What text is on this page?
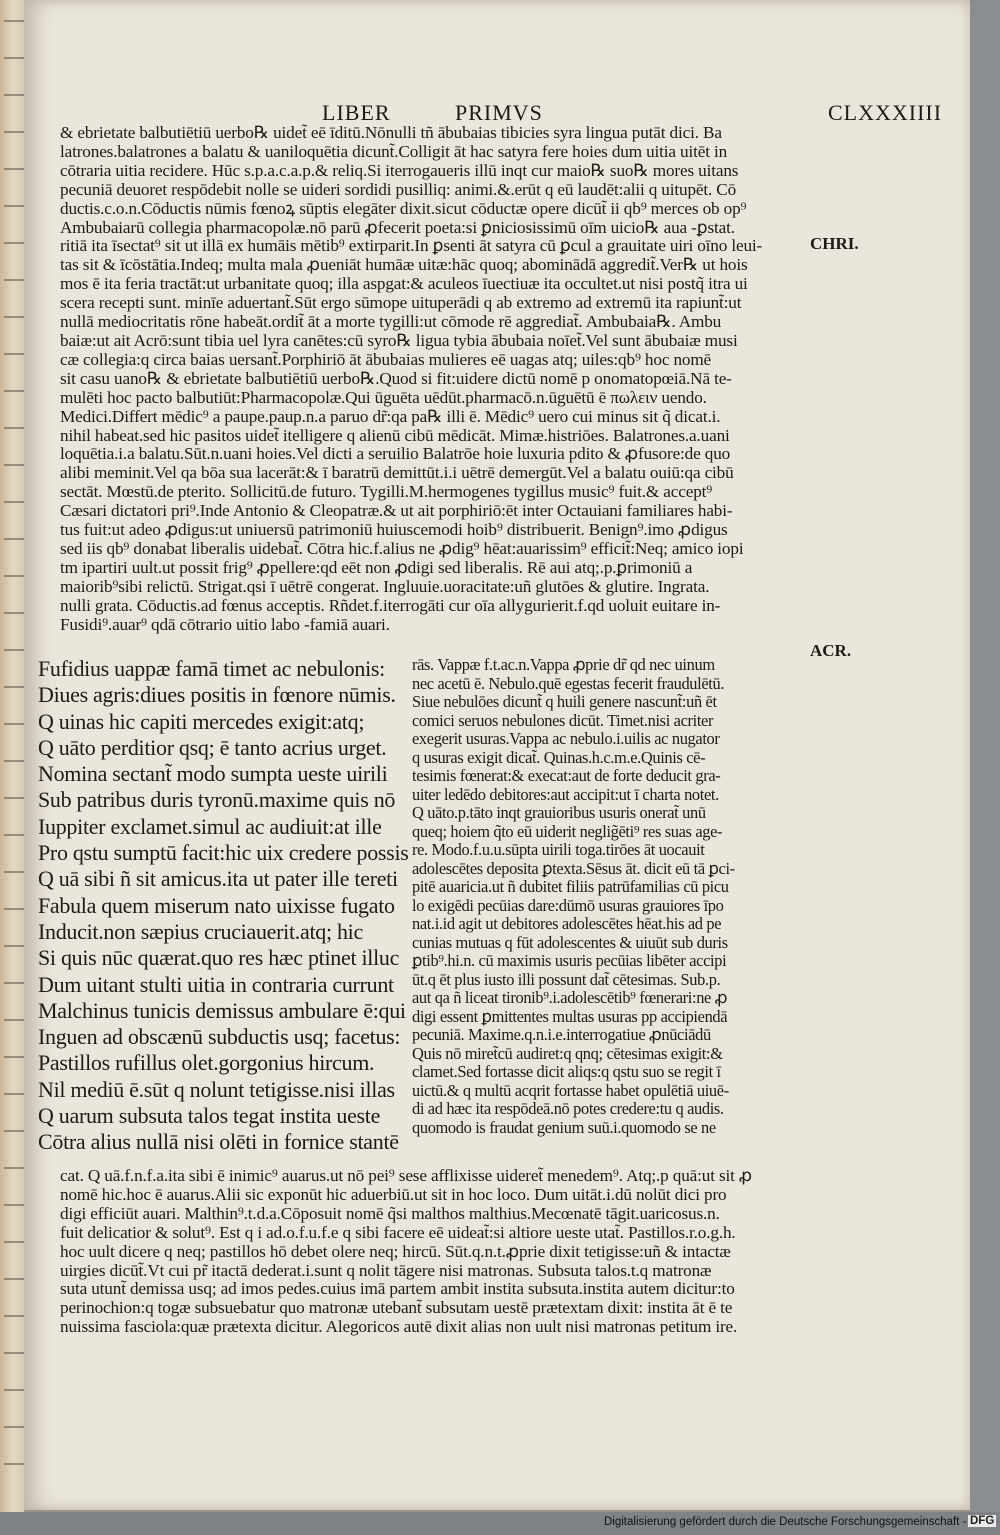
LIBER	PRIMVS	CLXXXIIII
CHRI.
ACR.
& ebrietate balbutiētiū uerbo℞ uidet̃ eē īditū.Nōnulli tñ ābubaias tibicies syra lingua putāt dici. Ba
latrones.balatrones a balatu & uaniloquētia dicunt̃.Colligit āt hac satyra fere hoies dum uitia uitēt in
cōtraria uitia recidere. Hūc s.p.a.c.a.p.& reliq.Si iterrogaueris illū inqt cur maio℞ suo℞ mores uitans
pecuniā deuoret respōdebit nolle se uideri sordidi pusilliq: animi.&.erūt q eū laudēt:alii q uitupēt. Cō
ductis.c.o.n.Cōductis nūmis fœnoꝝ sūptis elegāter dixit.sicut cōductæ opere dicūt̃ ii qb⁹ merces ob op⁹
Ambubaiarū collegia pharmacopolæ.nō parū ꝓfecerit poeta:si ꝑniciosissimū oīm uicio℞ aua -ꝑstat.
ritiā ita īsectat⁹ sit ut illā ex humāis mētib⁹ extirparit.In ꝑsenti āt satyra cū ꝑcul a grauitate uiri oīno leui-
tas sit & īcōstātia.Indeq; multa mala ꝓueniāt humāæ uitæ:hāc quoq; abominādā aggredit̃.Ver℞ ut hois
mos ē ita feria tractāt:ut urbanitate quoq; illa aspgat:& aculeos īuectiuæ ita occultet.ut nisi postq̃ itra ui
scera recepti sunt. minīe aduertant̃.Sūt ergo sūmope uituperādi q ab extremo ad extremū ita rapiunt̃:ut
nullā mediocritatis rōne habeāt.ordit̃ āt a morte tygilli:ut cōmode rē aggrediat̃. Ambubaia℞. Ambu
baiæ:ut ait Acrō:sunt tibia uel lyra canētes:cū syro℞ ligua tybia ābubaia noīet̃.Vel sunt ābubaiæ musi
cæ collegia:q circa baias uersant̃.Porphiriō āt ābubaias mulieres eē uagas atq; uiles:qb⁹ hoc nomē
sit casu uano℞ & ebrietate balbutiētiū uerbo℞.Quod si fit:uidere dictū nomē p onomatopœiā.Nā te-
mulēti hoc pacto balbutiūt:Pharmacopolæ.Qui ūguēta uēdūt.pharmacō.n.ūguētū ē πωλειν uendo.
Medici.Differt mēdic⁹ a paupe.paup.n.a paruo dr̃:qa pa℞ illi ē. Mēdic⁹ uero cui minus sit q̃ dicat.i.
nihil habeat.sed hic pasitos uidet̃ itelligere q alienū cibū mēdicāt. Mimæ.histriōes. Balatrones.a.uani
loquētia.i.a balatu.Sūt.n.uani hoies.Vel dicti a seruilio Balatrōe hoie luxuria pdito & ꝓfusore:de quo
alibi meminit.Vel qa bōa sua lacerāt:& ī baratrū demittūt.i.i uētrē demergūt.Vel a balatu ouiū:qa cibū
sectāt. Mœstū.de pterito. Sollicitū.de futuro. Tygilli.M.hermogenes tygillus music⁹ fuit.& accept⁹
Cæsari dictatori pri⁹.Inde Antonio & Cleopatræ.& ut ait porphiriō:ēt inter Octauiani familiares habi-
tus fuit:ut adeo ꝓdigus:ut uniuersū patrimoniū huiuscemodi hoib⁹ distribuerit. Benign⁹.imo ꝓdigus
sed iis qb⁹ donabat liberalis uidebat̃. Cōtra hic.f.alius ne ꝓdig⁹ hēat:auarissim⁹ efficit̃:Neq; amico iopi
tm ipartiri uult.ut possit frig⁹ ꝓpellere:qd eēt non ꝓdigi sed liberalis. Rē aui atq;.p.ꝑrimoniū a
maiorib⁹sibi relictū. Strigat.qsi ī uētrē congerat. Ingluuie.uoracitate:uñ glutōes & glutire. Ingrata.
nulli grata. Cōductis.ad fœnus acceptis. Rñdet.f.iterrogāti cur oīa allygurierit.f.qd uoluit euitare in-
Fusidi⁹.auar⁹ qdā cōtrario uitio labo -famiā auari.
Fufidius uappæ famā timet ac nebulonis:
Diues agris:diues positis in fœnore nūmis.
Q uinas hic capiti mercedes exigit:atq;
Q uāto perditior qsq; ē tanto acrius urget.
Nomina sectant̃ modo sumpta ueste uirili
Sub patribus duris tyronū.maxime quis nō
Iuppiter exclamet.simul ac audiuit:at ille
Pro qstu sumptū facit:hic uix credere possis
Q uā sibi ñ sit amicus.ita ut pater ille tereti
Fabula quem miserum nato uixisse fugato
Inducit.non sæpius cruciauerit.atq; hic
Si quis nūc quærat.quo res hæc ptinet illuc
Dum uitant stulti uitia in contraria currunt
Malchinus tunicis demissus ambulare ē:qui
Inguen ad obscænū subductis usq; facetus:
Pastillos rufillus olet.gorgonius hircum.
Nil mediū ē.sūt q nolunt tetigisse.nisi illas
Q uarum subsuta talos tegat instita ueste
Cōtra alius nullā nisi olēti in fornice stantē
rās. Vappæ f.t.ac.n.Vappa ꝓprie dr̃ qd nec uinum
nec acetū ē. Nebulo.quē egestas fecerit fraudulētū.
Siue nebulōes dicunt̃ q huili genere nascunt̃:uñ ēt
comici seruos nebulones dicūt. Timet.nisi acriter
exegerit usuras.Vappa ac nebulo.i.uilis ac nugator
q usuras exigit dicat̃. Quinas.h.c.m.e.Quinis cē-
tesimis fœnerat:& execat:aut de forte deducit gra-
uiter ledēdo debitores:aut accipit:ut ī charta notet.
Q uāto.p.tāto inqt grauioribus usuris onerat̃ unū
queq; hoiem q̃to eū uiderit neglig̃ēti⁹ res suas age-
re. Modo.f.u.u.sūpta uirili toga.tirōes āt uocauit
adolescētes deposita ꝑtexta.Sēsus āt. dicit eū tā ꝑci-
pitē auaricia.ut ñ dubitet filiis patrūfamilias cū picu
lo exigēdi pecūias dare:dūmō usuras grauiores īpo
nat.i.id agit ut debitores adolescētes hēat.his ad pe
cunias mutuas q fūt adolescentes & uiuūt sub duris
ꝑtib⁹.hi.n. cū maximis usuris pecūias libēter accipi
ūt.q ēt plus iusto illi possunt dat̃ cētesimas. Sub.p.
aut qa ñ liceat tironib⁹.i.adolescētib⁹ fœnerari:ne ꝓ
digi essent ꝑmittentes multas usuras pp accipiendā
pecuniā. Maxime.q.n.i.e.interrogatiue ꝓnūciādū
Quis nō miret̃cū audiret:q qnq; cētesimas exigit:&
clamet.Sed fortasse dicit aliqs:q qstu suo se regit ī
uictū.& q multū acqrit fortasse habet opulētiā uiuē-
di ad hæc ita respōdeā.nō potes credere:tu q audis.
quomodo is fraudat genium suū.i.quomodo se ne
cat. Q uā.f.n.f.a.ita sibi ē inimic⁹ auarus.ut nō pei⁹ sese afflixisse uideret̃ menedem⁹. Atq;.p quā:ut sit ꝓ
nomē hic.hoc ē auarus.Alii sic exponūt hic aduerbiū.ut sit in hoc loco. Dum uitāt.i.dū nolūt dici pro
digi efficiūt auari. Malthin⁹.t.d.a.Cōposuit nomē q̃si malthos malthius.Mecœnatē tāgit.uaricosus.n.
fuit delicatior & solut⁹. Est q i ad.o.f.u.f.e q sibi facere eē uideat̃:si altiore ueste utat̃. Pastillos.r.o.g.h.
hoc uult dicere q neq; pastillos hō debet olere neq; hircū. Sūt.q.n.t.ꝓprie dixit tetigisse:uñ & intactæ
uirgies dicūt̃.Vt cui pr̃ itactā dederat.i.sunt q nolit tāgere nisi matronas. Subsuta talos.t.q matronæ
suta utunt̃ demissa usq; ad imos pedes.cuius imā partem ambit instita subsuta.instita autem dicitur:to
perinochion:q togæ subsuebatur quo matronæ utebant̃ subsutam uestē prætextam dixit: instita āt ē te
nuissima fasciola:quæ prætexta dicitur. Alegoricos autē dixit alias non uult nisi matronas petitum ire.
Digitalisierung gefördert durch die Deutsche Forschungsgemeinschaft - DFG
